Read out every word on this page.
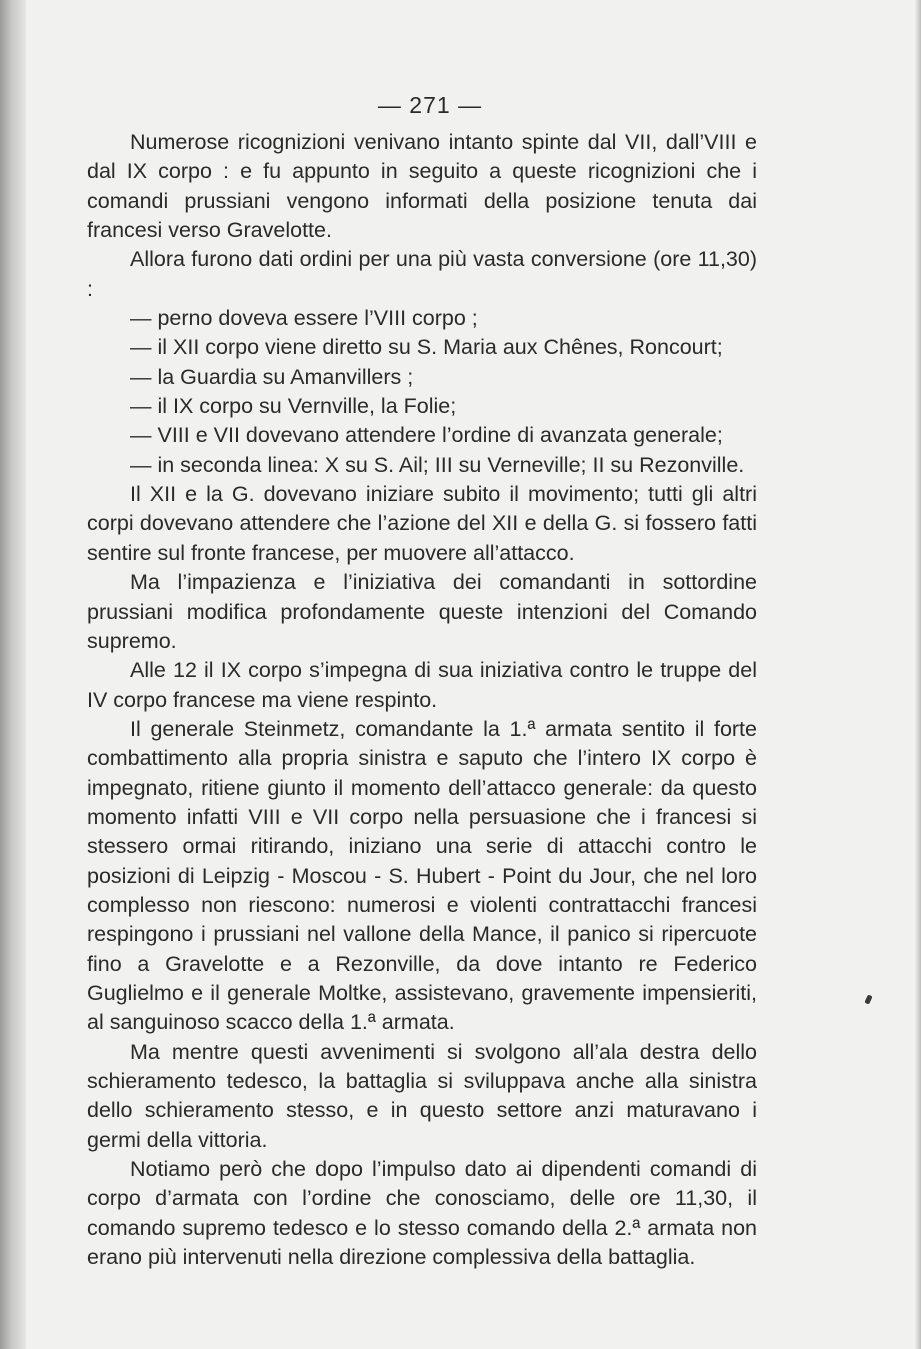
— 271 —

Numerose ricognizioni venivano intanto spinte dal VII, dall’VIII e dal IX corpo : e fu appunto in seguito a queste ricognizioni che i comandi prussiani vengono informati della posizione tenuta dai francesi verso Gravelotte.

Allora furono dati ordini per una più vasta conversione (ore 11,30) :

— perno doveva essere l’VIII corpo ;

— il XII corpo viene diretto su S. Maria aux Chênes, Roncourt;

— la Guardia su Amanvillers ;

— il IX corpo su Vernville, la Folie;

— VIII e VII dovevano attendere l’ordine di avanzata generale;

— in seconda linea: X su S. Ail; III su Verneville; II su Rezonville.

Il XII e la G. dovevano iniziare subito il movimento; tutti gli altri corpi dovevano attendere che l’azione del XII e della G. si fossero fatti sentire sul fronte francese, per muovere all’attacco.

Ma l’impazienza e l’iniziativa dei comandanti in sottordine prussiani modifica profondamente queste intenzioni del Comando supremo.

Alle 12 il IX corpo s’impegna di sua iniziativa contro le truppe del IV corpo francese ma viene respinto.

Il generale Steinmetz, comandante la 1.ª armata sentito il forte combattimento alla propria sinistra e saputo che l’intero IX corpo è impegnato, ritiene giunto il momento dell’attacco generale: da questo momento infatti VIII e VII corpo nella persuasione che i francesi si stessero ormai ritirando, iniziano una serie di attacchi contro le posizioni di Leipzig - Moscou - S. Hubert - Point du Jour, che nel loro complesso non riescono: numerosi e violenti contrattacchi francesi respingono i prussiani nel vallone della Mance, il panico si ripercuote fino a Gravelotte e a Rezonville, da dove intanto re Federico Guglielmo e il generale Moltke, assistevano, gravemente impensieriti, al sanguinoso scacco della 1.ª armata.

Ma mentre questi avvenimenti si svolgono all’ala destra dello schieramento tedesco, la battaglia si sviluppava anche alla sinistra dello schieramento stesso, e in questo settore anzi maturavano i germi della vittoria.

Notiamo però che dopo l’impulso dato ai dipendenti comandi di corpo d’armata con l’ordine che conosciamo, delle ore 11,30, il comando supremo tedesco e lo stesso comando della 2.ª armata non erano più intervenuti nella direzione complessiva della battaglia.
